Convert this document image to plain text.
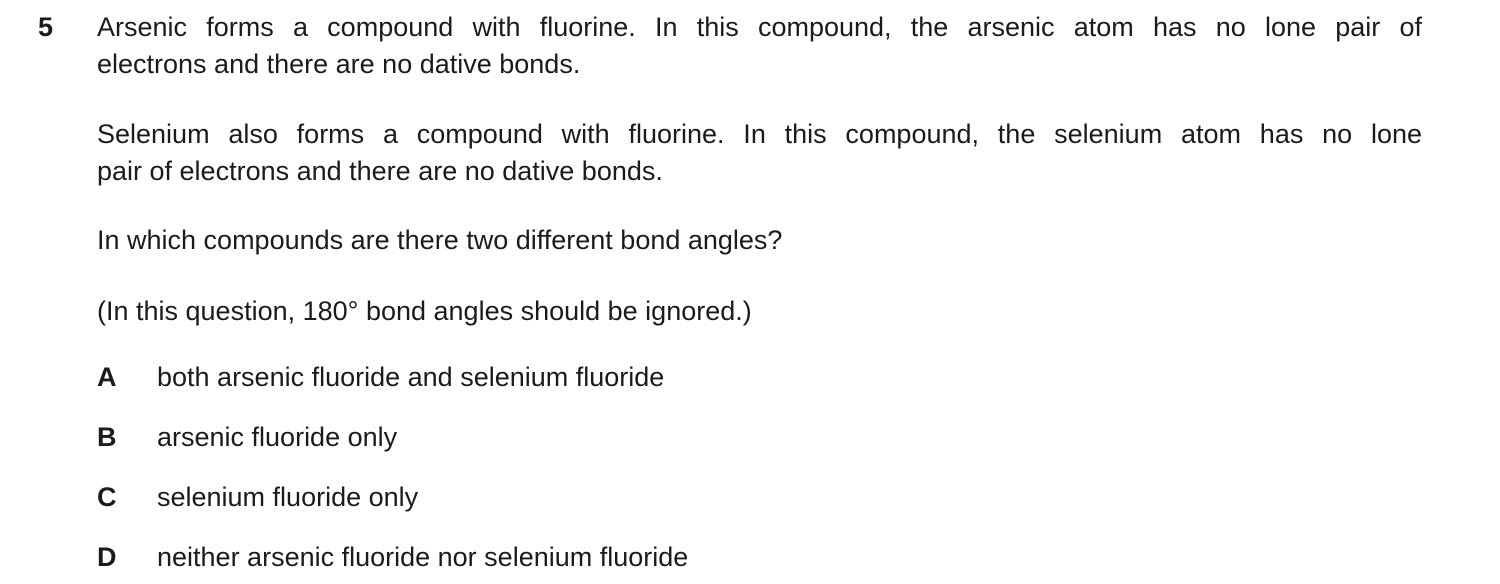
5	Arsenic forms a compound with fluorine. In this compound, the arsenic atom has no lone pair of
electrons and there are no dative bonds.
Selenium also forms a compound with fluorine. In this compound, the selenium atom has no lone
pair of electrons and there are no dative bonds.
In which compounds are there two different bond angles?
(In this question, 180° bond angles should be ignored.)
A	both arsenic fluoride and selenium fluoride
B	arsenic fluoride only
C	selenium fluoride only
D	neither arsenic fluoride nor selenium fluoride
